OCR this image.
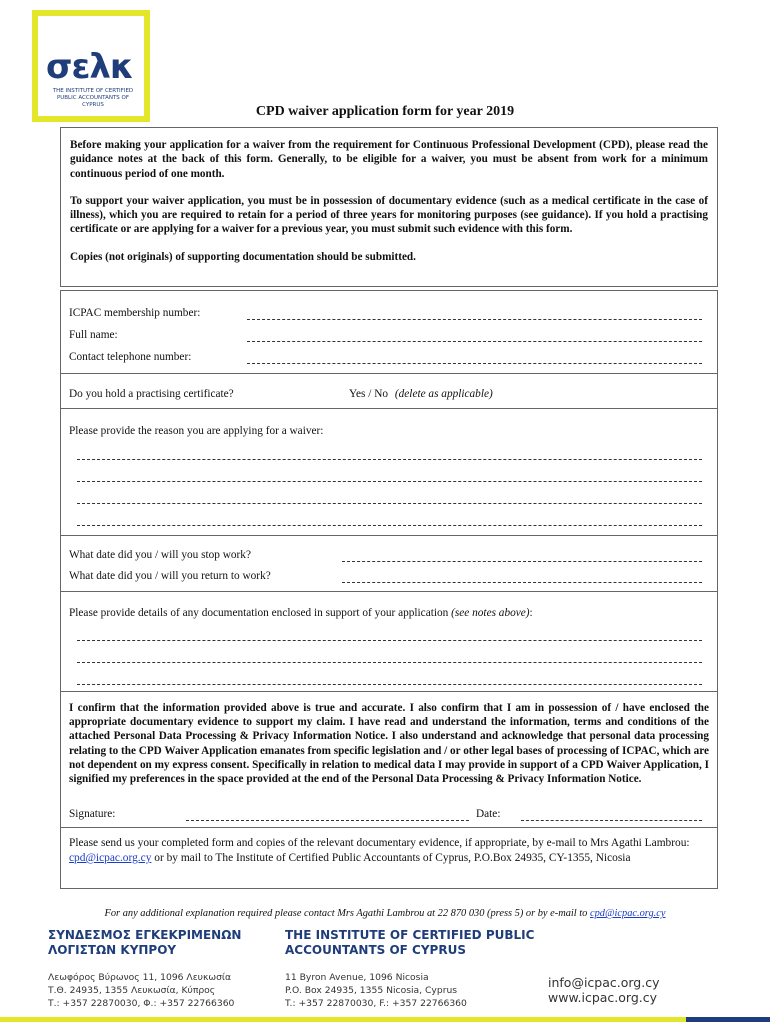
σελκ
THE INSTITUTE OF CERTIFIED PUBLIC ACCOUNTANTS OF CYPRUS	CPD waiver application form for year 2019

Before making your application for a waiver from the requirement for Continuous Professional Development (CPD), please read the guidance notes at the back of this form. Generally, to be eligible for a waiver, you must be absent from work for a minimum continuous period of one month.

To support your waiver application, you must be in possession of documentary evidence (such as a medical certificate in the case of illness), which you are required to retain for a period of three years for monitoring purposes (see guidance). If you hold a practising certificate or are applying for a waiver for a previous year, you must submit such evidence with this form.

Copies (not originals) of supporting documentation should be submitted.

ICPAC membership number:
Full name:
Contact telephone number:
Do you hold a practising certificate?	Yes / No (delete as applicable)
Please provide the reason you are applying for a waiver:
What date did you / will you stop work?
What date did you / will you return to work?
Please provide details of any documentation enclosed in support of your application (see notes above):

I confirm that the information provided above is true and accurate. I also confirm that I am in possession of / have enclosed the appropriate documentary evidence to support my claim. I have read and understand the information, terms and conditions of the attached Personal Data Processing & Privacy Information Notice. I also understand and acknowledge that personal data processing relating to the CPD Waiver Application emanates from specific legislation and / or other legal bases of processing of ICPAC, which are not dependent on my express consent. Specifically in relation to medical data I may provide in support of a CPD Waiver Application, I signified my preferences in the space provided at the end of the Personal Data Processing & Privacy Information Notice.

Signature:	Date:

Please send us your completed form and copies of the relevant documentary evidence, if appropriate, by e-mail to Mrs Agathi Lambrou: cpd@icpac.org.cy or by mail to The Institute of Certified Public Accountants of Cyprus, P.O.Box 24935, CY-1355, Nicosia

For any additional explanation required please contact Mrs Agathi Lambrou at 22 870 030 (press 5) or by e-mail to cpd@icpac.org.cy
ΣΥΝΔΕΣΜΟΣ ΕΓΚΕΚΡΙΜΕΝΩΝ
ΛΟΓΙΣΤΩΝ ΚΥΠΡΟΥ
Λεωφόρος Βύρωνος 11, 1096 Λευκωσία
Τ.Θ. 24935, 1355 Λευκωσία, Κύπρος
Τ.: +357 22870030, Φ.: +357 22766360
THE INSTITUTE OF CERTIFIED PUBLIC
ACCOUNTANTS OF CYPRUS
11 Byron Avenue, 1096 Nicosia
P.O. Box 24935, 1355 Nicosia, Cyprus
T.: +357 22870030, F.: +357 22766360
info@icpac.org.cy
www.icpac.org.cy
